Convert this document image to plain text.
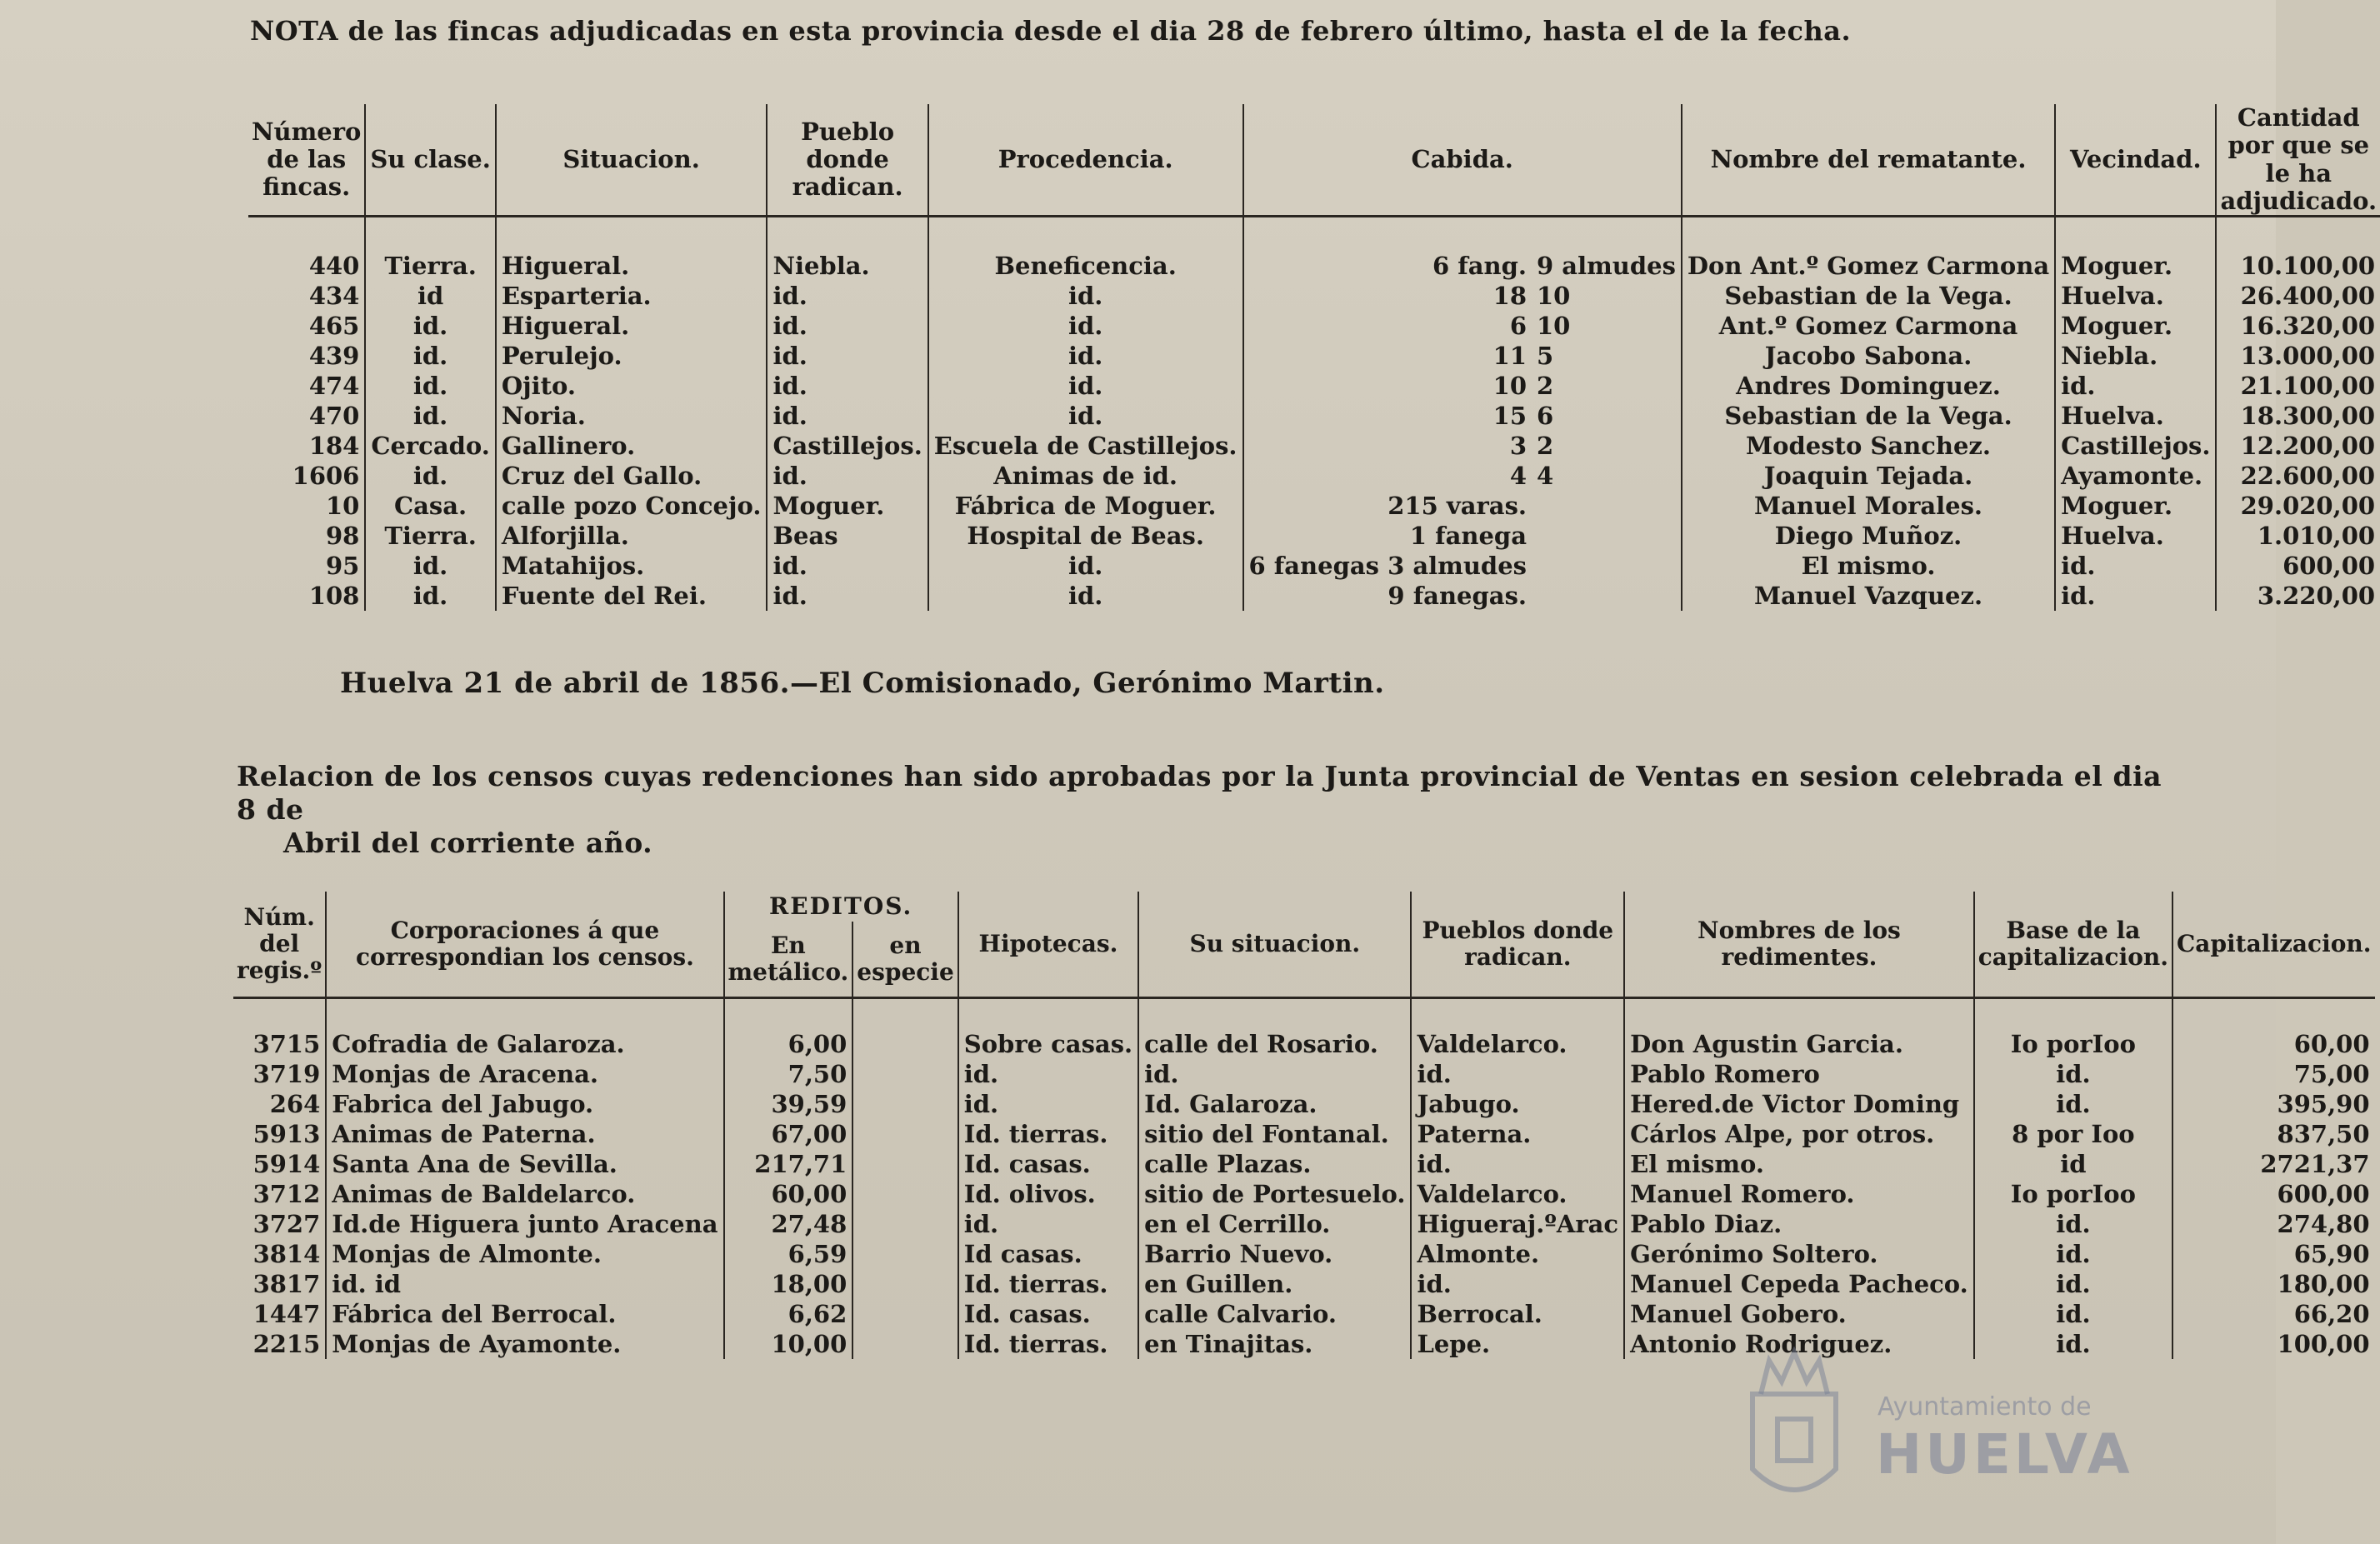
NOTA de las fincas adjudicadas en esta provincia desde el dia 28 de febrero último, hasta el de la fecha.
Número de las fincas.	Su clase.	Situacion.	Pueblo donde radican.	Procedencia.	Cabida.		Nombre del rematante.	Vecindad.	Cantidad por que se le ha adjudicado.
440	Tierra.	Higueral.	Niebla.	Beneficencia.	6 fang.	9 almudes	Don Ant.º Gomez Carmona	Moguer.	10.100,00
434	id	Esparteria.	id.	id.	18	10	Sebastian de la Vega.	Huelva.	26.400,00
465	id.	Higueral.	id.	id.	6	10	Ant.º Gomez Carmona	Moguer.	16.320,00
439	id.	Perulejo.	id.	id.	11	5	Jacobo Sabona.	Niebla.	13.000,00
474	id.	Ojito.	id.	id.	10	2	Andres Dominguez.	id.	21.100,00
470	id.	Noria.	id.	id.	15	6	Sebastian de la Vega.	Huelva.	18.300,00
184	Cercado.	Gallinero.	Castillejos.	Escuela de Castillejos.	3	2	Modesto Sanchez.	Castillejos.	12.200,00
1606	id.	Cruz del Gallo.	id.	Animas de id.	4	4	Joaquin Tejada.	Ayamonte.	22.600,00
10	Casa.	calle pozo Concejo.	Moguer.	Fábrica de Moguer.	215 varas.		Manuel Morales.	Moguer.	29.020,00
98	Tierra.	Alforjilla.	Beas	Hospital de Beas.	1 fanega		Diego Muñoz.	Huelva.	1.010,00
95	id.	Matahijos.	id.	id.	6 fanegas 3 almudes		El mismo.	id.	600,00
108	id.	Fuente del Rei.	id.	id.	9 fanegas.		Manuel Vazquez.	id.	3.220,00
Huelva 21 de abril de 1856.—El Comisionado, Gerónimo Martin.
Relacion de los censos cuyas redenciones han sido aprobadas por la Junta provincial de Ventas en sesion celebrada el dia 8 de
Abril del corriente año.
Núm. del regis.º	Corporaciones á que correspondian los censos.	REDITOS.		Hipotecas.	Su situacion.	Pueblos donde radican.	Nombres de los redimentes.	Base de la capitalizacion.	Capitalizacion.
		En metálico.	en especie						
3715	Cofradia de Galaroza.	6,00		Sobre casas.	calle del Rosario.	Valdelarco.	Don Agustin Garcia.	Io porIoo	60,00
3719	Monjas de Aracena.	7,50		id.	id.	id.	Pablo Romero	id.	75,00
264	Fabrica del Jabugo.	39,59		id.	Id. Galaroza.	Jabugo.	Hered.de Victor Doming	id.	395,90
5913	Animas de Paterna.	67,00		Id. tierras.	sitio del Fontanal.	Paterna.	Cárlos Alpe, por otros.	8 por Ioo	837,50
5914	Santa Ana de Sevilla.	217,71		Id. casas.	calle Plazas.	id.	El mismo.	id	2721,37
3712	Animas de Baldelarco.	60,00		Id. olivos.	sitio de Portesuelo.	Valdelarco.	Manuel Romero.	Io porIoo	600,00
3727	Id.de Higuera junto Aracena	27,48		id.	en el Cerrillo.	Higueraj.ºArac	Pablo Diaz.	id.	274,80
3814	Monjas de Almonte.	6,59		Id casas.	Barrio Nuevo.	Almonte.	Gerónimo Soltero.	id.	65,90
3817	id. id	18,00		Id. tierras.	en Guillen.	id.	Manuel Cepeda Pacheco.	id.	180,00
1447	Fábrica del Berrocal.	6,62		Id. casas.	calle Calvario.	Berrocal.	Manuel Gobero.	id.	66,20
2215	Monjas de Ayamonte.	10,00		Id. tierras.	en Tinajitas.	Lepe.	Antonio Rodriguez.	id.	100,00
Ayuntamiento de
HUELVA
